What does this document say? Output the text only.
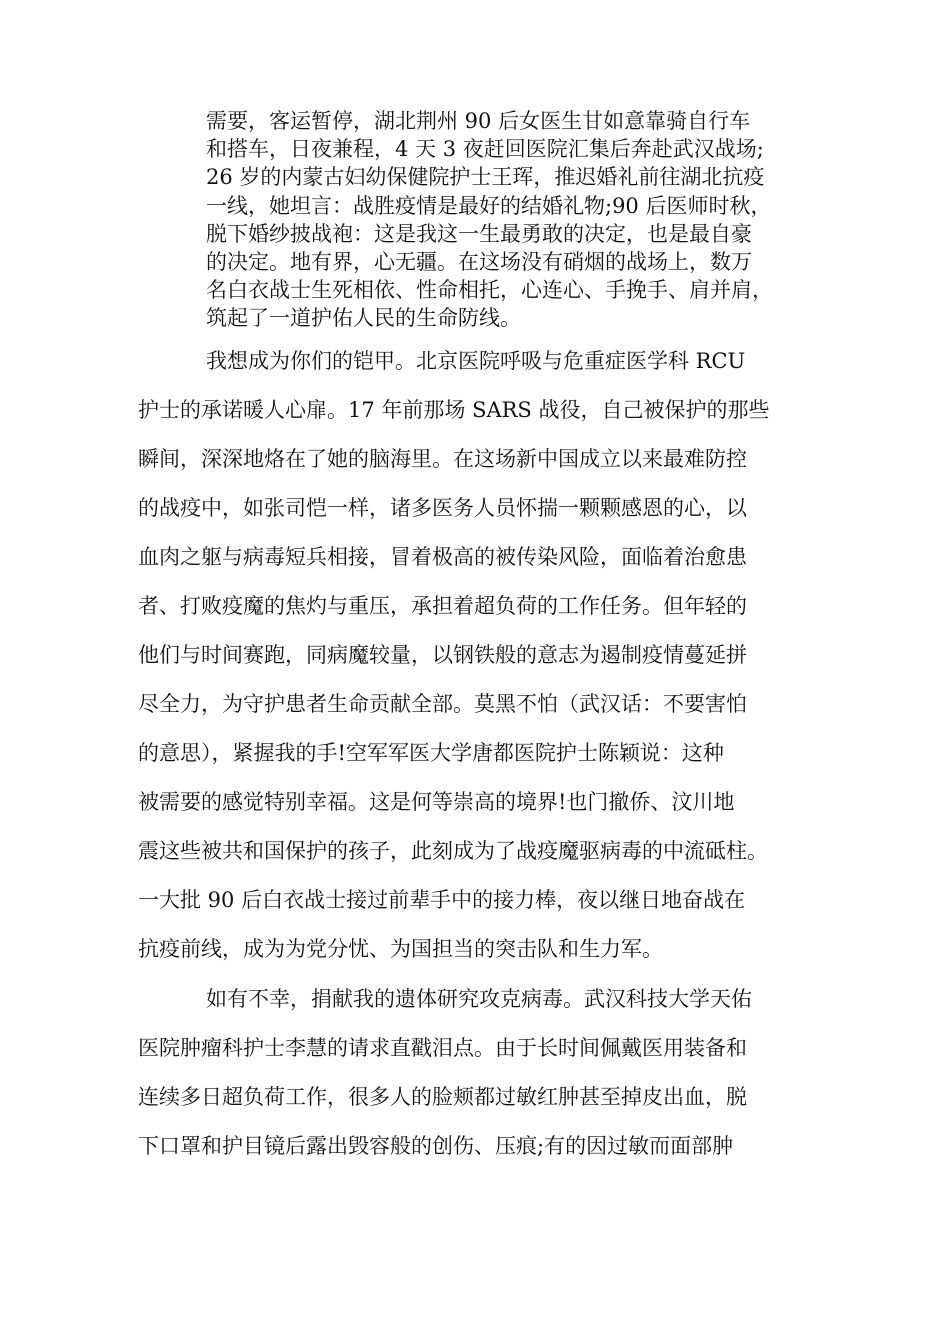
需要，客运暂停，湖北荆州 90 后女医生甘如意靠骑自行车
和搭车，日夜兼程，4 天 3 夜赶回医院汇集后奔赴武汉战场;
26 岁的内蒙古妇幼保健院护士王珲，推迟婚礼前往湖北抗疫
一线，她坦言：战胜疫情是最好的结婚礼物;90 后医师时秋，
脱下婚纱披战袍：这是我这一生最勇敢的决定，也是最自豪
的决定。地有界，心无疆。在这场没有硝烟的战场上，数万
名白衣战士生死相依、性命相托，心连心、手挽手、肩并肩，
筑起了一道护佑人民的生命防线。
我想成为你们的铠甲。北京医院呼吸与危重症医学科 RCU
护士的承诺暖人心扉。17 年前那场 SARS 战役，自己被保护的那些
瞬间，深深地烙在了她的脑海里。在这场新中国成立以来最难防控
的战疫中，如张司恺一样，诸多医务人员怀揣一颗颗感恩的心，以
血肉之躯与病毒短兵相接，冒着极高的被传染风险，面临着治愈患
者、打败疫魔的焦灼与重压，承担着超负荷的工作任务。但年轻的
他们与时间赛跑，同病魔较量，以钢铁般的意志为遏制疫情蔓延拼
尽全力，为守护患者生命贡献全部。莫黑不怕（武汉话：不要害怕
的意思），紧握我的手!空军军医大学唐都医院护士陈颖说：这种
被需要的感觉特别幸福。这是何等崇高的境界!也门撤侨、汶川地
震这些被共和国保护的孩子，此刻成为了战疫魔驱病毒的中流砥柱。
一大批 90 后白衣战士接过前辈手中的接力棒，夜以继日地奋战在
抗疫前线，成为为党分忧、为国担当的突击队和生力军。
如有不幸，捐献我的遗体研究攻克病毒。武汉科技大学天佑
医院肿瘤科护士李慧的请求直戳泪点。由于长时间佩戴医用装备和
连续多日超负荷工作，很多人的脸颊都过敏红肿甚至掉皮出血，脱
下口罩和护目镜后露出毁容般的创伤、压痕;有的因过敏而面部肿
